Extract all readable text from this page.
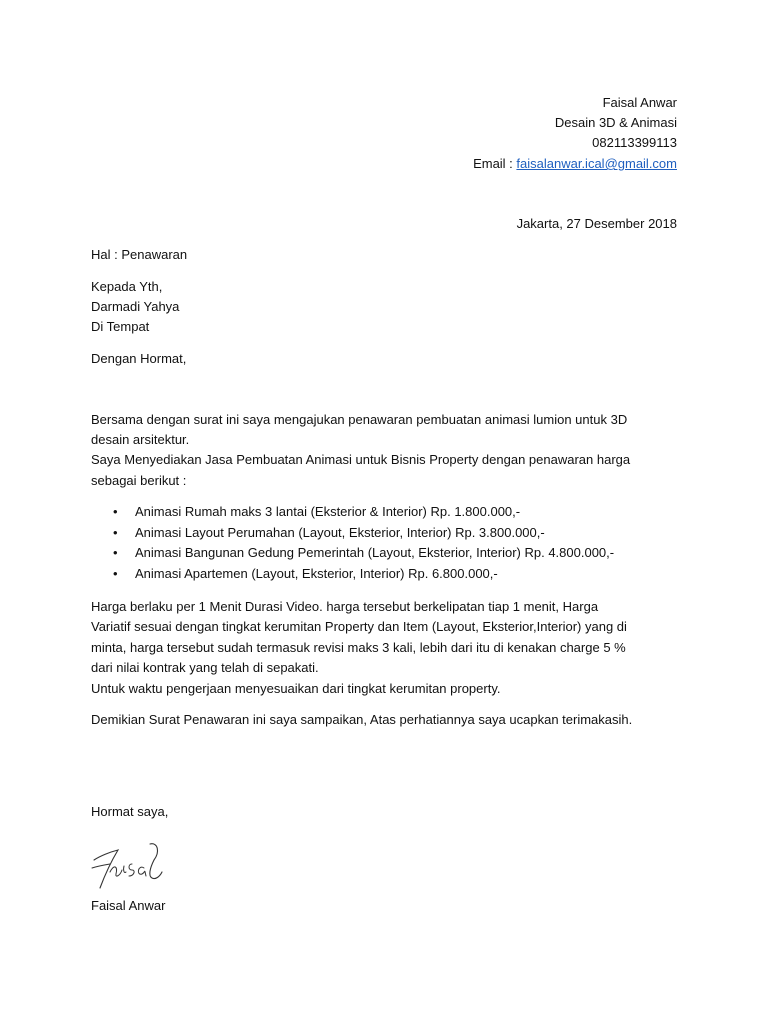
Faisal Anwar
Desain 3D & Animasi
082113399113
Email : faisalanwar.ical@gmail.com
Jakarta, 27 Desember 2018
Hal : Penawaran
Kepada Yth,
Darmadi Yahya
Di Tempat
Dengan Hormat,
Bersama dengan surat ini saya mengajukan penawaran pembuatan animasi lumion untuk 3D
desain arsitektur.
Saya Menyediakan Jasa Pembuatan Animasi untuk Bisnis Property dengan penawaran harga
sebagai berikut :
• Animasi Rumah maks 3 lantai (Eksterior & Interior) Rp. 1.800.000,-
• Animasi Layout Perumahan (Layout, Eksterior, Interior) Rp. 3.800.000,-
• Animasi Bangunan Gedung Pemerintah (Layout, Eksterior, Interior) Rp. 4.800.000,-
• Animasi Apartemen (Layout, Eksterior, Interior) Rp. 6.800.000,-
Harga berlaku per 1 Menit Durasi Video. harga tersebut berkelipatan tiap 1 menit, Harga
Variatif sesuai dengan tingkat kerumitan Property dan Item (Layout, Eksterior,Interior) yang di
minta, harga tersebut sudah termasuk revisi maks 3 kali, lebih dari itu di kenakan charge 5 %
dari nilai kontrak yang telah di sepakati.
Untuk waktu pengerjaan menyesuaikan dari tingkat kerumitan property.
Demikian Surat Penawaran ini saya sampaikan, Atas perhatiannya saya ucapkan terimakasih.
Hormat saya,
Faisal Anwar
